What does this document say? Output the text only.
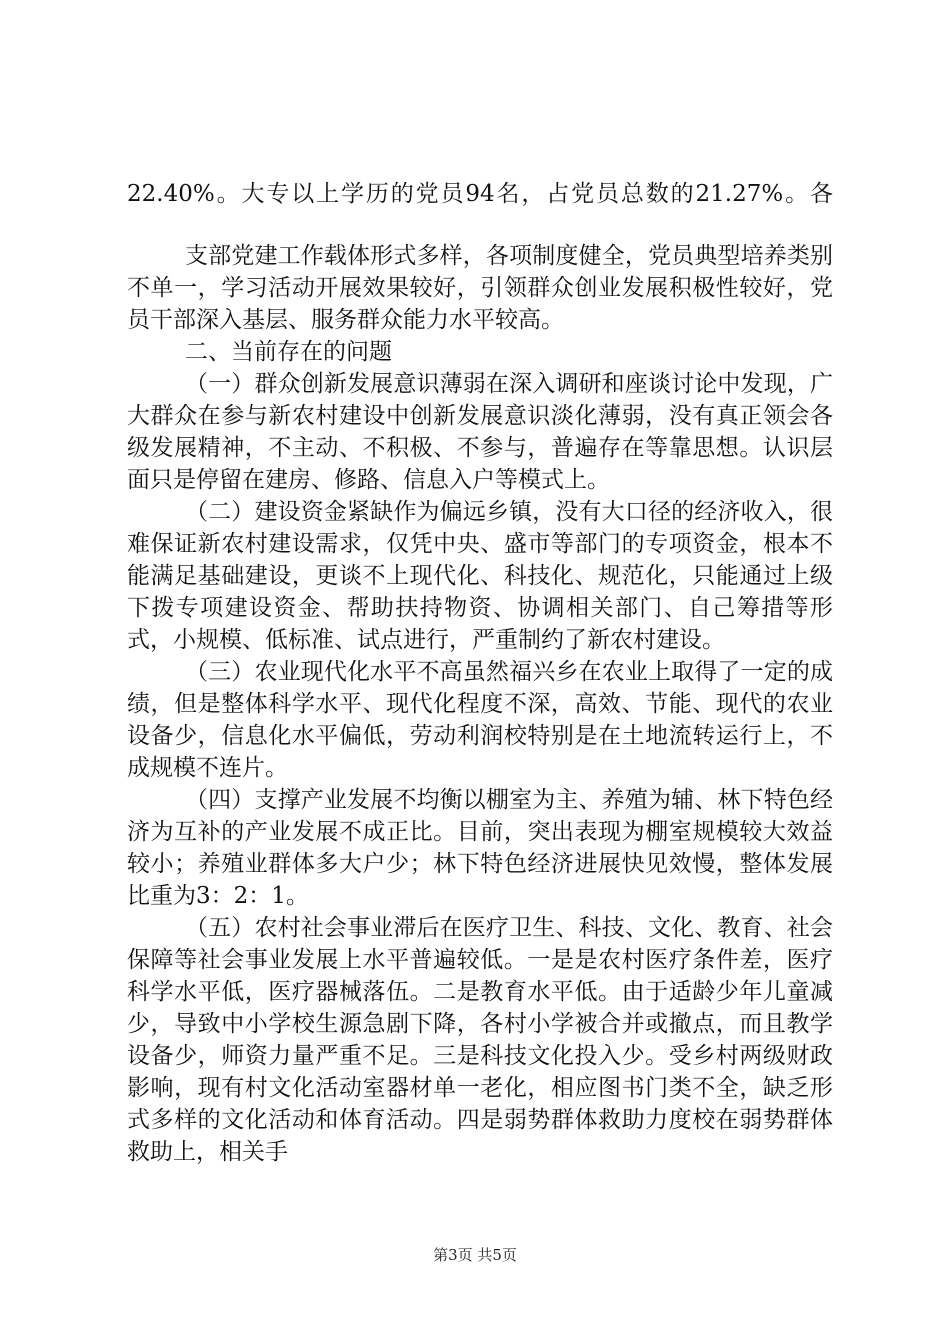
22.40%。大专以上学历的党员94名，占党员总数的21.27%。各

支部党建工作载体形式多样，各项制度健全，党员典型培养类别不单一，学习活动开展效果较好，引领群众创业发展积极性较好，党员干部深入基层、服务群众能力水平较高。

二、当前存在的问题

（一）群众创新发展意识薄弱在深入调研和座谈讨论中发现，广大群众在参与新农村建设中创新发展意识淡化薄弱，没有真正领会各级发展精神，不主动、不积极、不参与，普遍存在等靠思想。认识层面只是停留在建房、修路、信息入户等模式上。

（二）建设资金紧缺作为偏远乡镇，没有大口径的经济收入，很难保证新农村建设需求，仅凭中央、盛市等部门的专项资金，根本不能满足基础建设，更谈不上现代化、科技化、规范化，只能通过上级下拨专项建设资金、帮助扶持物资、协调相关部门、自己筹措等形式，小规模、低标准、试点进行，严重制约了新农村建设。

（三）农业现代化水平不高虽然福兴乡在农业上取得了一定的成绩，但是整体科学水平、现代化程度不深，高效、节能、现代的农业设备少，信息化水平偏低，劳动利润校特别是在土地流转运行上，不成规模不连片。

（四）支撑产业发展不均衡以棚室为主、养殖为辅、林下特色经济为互补的产业发展不成正比。目前，突出表现为棚室规模较大效益较小；养殖业群体多大户少；林下特色经济进展快见效慢，整体发展比重为3：2：1。

（五）农村社会事业滞后在医疗卫生、科技、文化、教育、社会保障等社会事业发展上水平普遍较低。一是是农村医疗条件差，医疗科学水平低，医疗器械落伍。二是教育水平低。由于适龄少年儿童减少，导致中小学校生源急剧下降，各村小学被合并或撤点，而且教学设备少，师资力量严重不足。三是科技文化投入少。受乡村两级财政影响，现有村文化活动室器材单一老化，相应图书门类不全，缺乏形式多样的文化活动和体育活动。四是弱势群体救助力度校在弱势群体救助上，相关手

第3页 共5页
